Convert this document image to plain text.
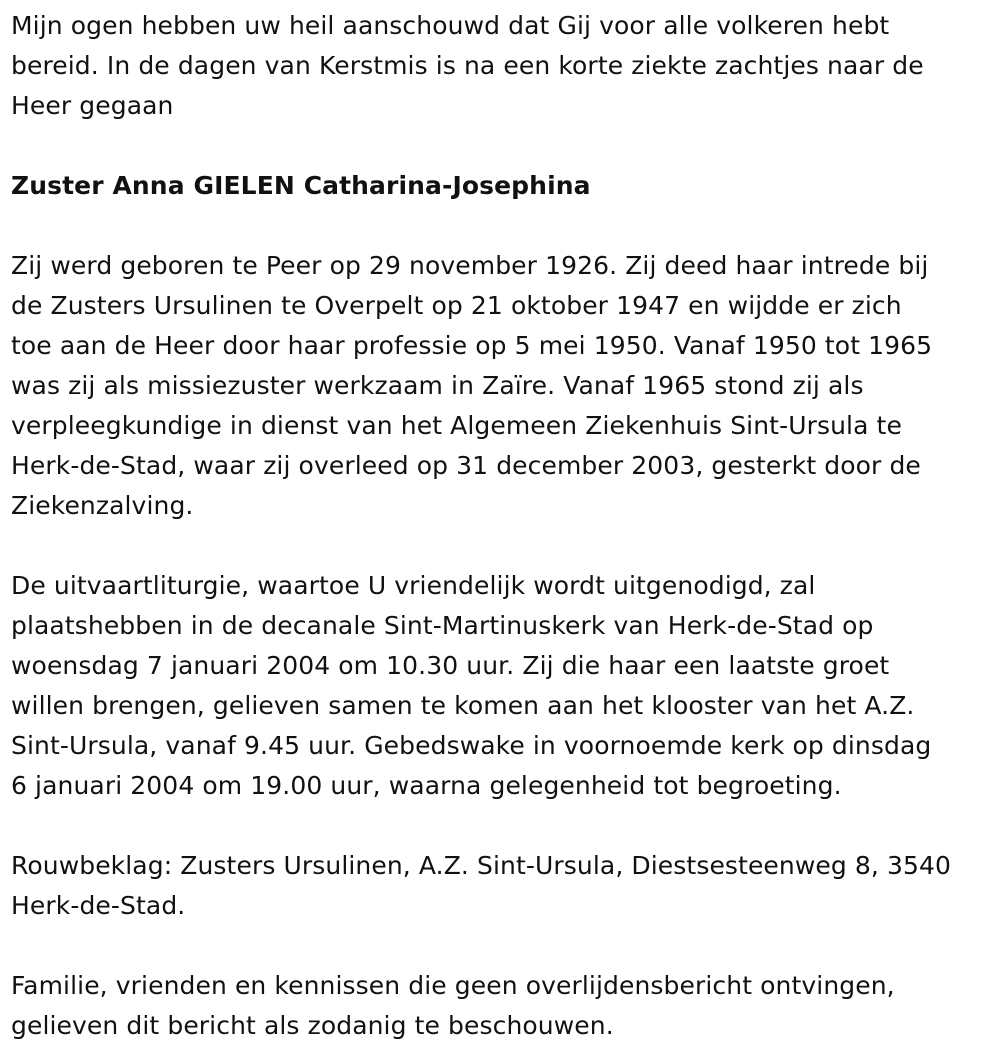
Mijn ogen hebben uw heil aanschouwd dat Gij voor alle volkeren hebt
bereid. In de dagen van Kerstmis is na een korte ziekte zachtjes naar de
Heer gegaan

Zuster Anna GIELEN Catharina-Josephina

Zij werd geboren te Peer op 29 november 1926. Zij deed haar intrede bij
de Zusters Ursulinen te Overpelt op 21 oktober 1947 en wijdde er zich
toe aan de Heer door haar professie op 5 mei 1950. Vanaf 1950 tot 1965
was zij als missiezuster werkzaam in Zaïre. Vanaf 1965 stond zij als
verpleegkundige in dienst van het Algemeen Ziekenhuis Sint-Ursula te
Herk-de-Stad, waar zij overleed op 31 december 2003, gesterkt door de
Ziekenzalving.

De uitvaartliturgie, waartoe U vriendelijk wordt uitgenodigd, zal
plaatshebben in de decanale Sint-Martinuskerk van Herk-de-Stad op
woensdag 7 januari 2004 om 10.30 uur. Zij die haar een laatste groet
willen brengen, gelieven samen te komen aan het klooster van het A.Z.
Sint-Ursula, vanaf 9.45 uur. Gebedswake in voornoemde kerk op dinsdag
6 januari 2004 om 19.00 uur, waarna gelegenheid tot begroeting.

Rouwbeklag: Zusters Ursulinen, A.Z. Sint-Ursula, Diestsesteenweg 8, 3540
Herk-de-Stad.

Familie, vrienden en kennissen die geen overlijdensbericht ontvingen,
gelieven dit bericht als zodanig te beschouwen.
